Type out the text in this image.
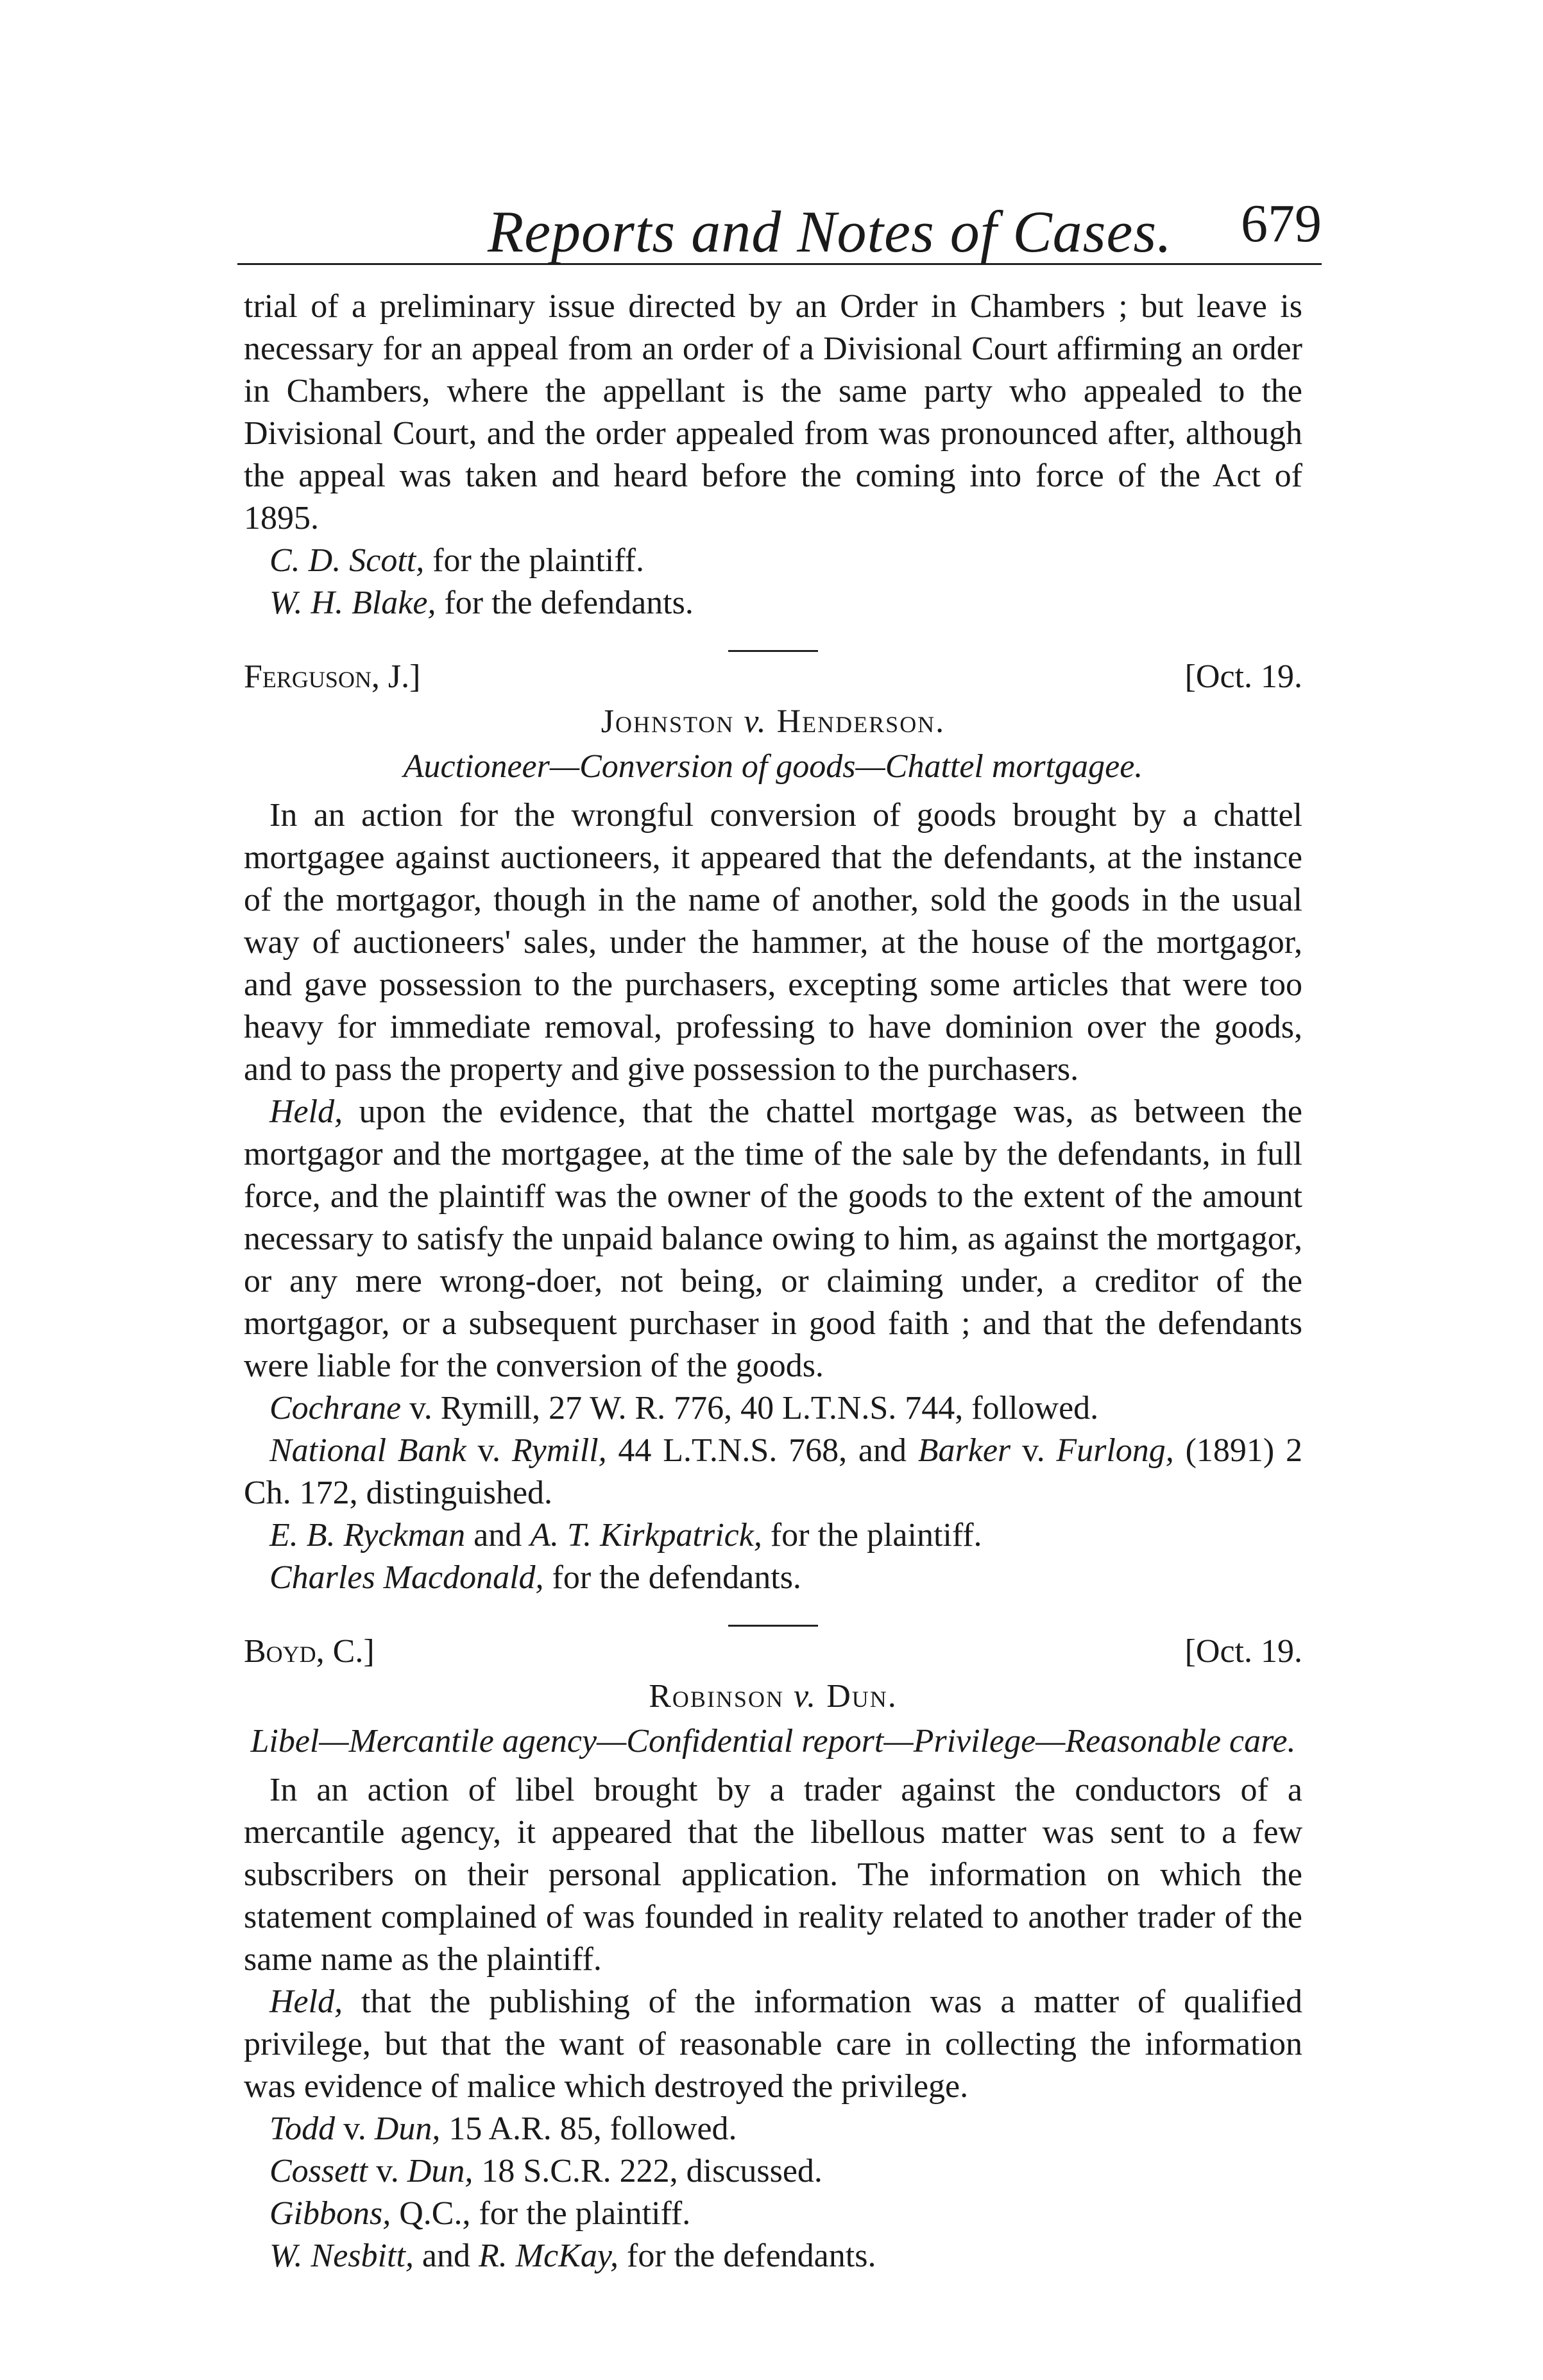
Reports and Notes of Cases. 679

trial of a preliminary issue directed by an Order in Chambers ; but leave is necessary for an appeal from an order of a Divisional Court affirming an order in Chambers, where the appellant is the same party who appealed to the Divisional Court, and the order appealed from was pronounced after, although the appeal was taken and heard before the coming into force of the Act of 1895.

C. D. Scott, for the plaintiff.

W. H. Blake, for the defendants.

Ferguson, J.]	[Oct. 19.
Johnston v. Henderson.
Auctioneer—Conversion of goods—Chattel mortgagee.

In an action for the wrongful conversion of goods brought by a chattel mortgagee against auctioneers, it appeared that the defendants, at the instance of the mortgagor, though in the name of another, sold the goods in the usual way of auctioneers' sales, under the hammer, at the house of the mortgagor, and gave possession to the purchasers, excepting some articles that were too heavy for immediate removal, professing to have dominion over the goods, and to pass the property and give possession to the purchasers.

Held, upon the evidence, that the chattel mortgage was, as between the mortgagor and the mortgagee, at the time of the sale by the defendants, in full force, and the plaintiff was the owner of the goods to the extent of the amount necessary to satisfy the unpaid balance owing to him, as against the mortgagor, or any mere wrong-doer, not being, or claiming under, a creditor of the mortgagor, or a subsequent purchaser in good faith ; and that the defendants were liable for the conversion of the goods.

Cochrane v. Rymill, 27 W. R. 776, 40 L.T.N.S. 744, followed.

National Bank v. Rymill, 44 L.T.N.S. 768, and Barker v. Furlong, (1891) 2 Ch. 172, distinguished.

E. B. Ryckman and A. T. Kirkpatrick, for the plaintiff.

Charles Macdonald, for the defendants.

Boyd, C.]	[Oct. 19.
Robinson v. Dun.
Libel—Mercantile agency—Confidential report—Privilege—Reasonable care.

In an action of libel brought by a trader against the conductors of a mercantile agency, it appeared that the libellous matter was sent to a few subscribers on their personal application. The information on which the statement complained of was founded in reality related to another trader of the same name as the plaintiff.

Held, that the publishing of the information was a matter of qualified privilege, but that the want of reasonable care in collecting the information was evidence of malice which destroyed the privilege.

Todd v. Dun, 15 A.R. 85, followed.

Cossett v. Dun, 18 S.C.R. 222, discussed.

Gibbons, Q.C., for the plaintiff.

W. Nesbitt, and R. McKay, for the defendants.
